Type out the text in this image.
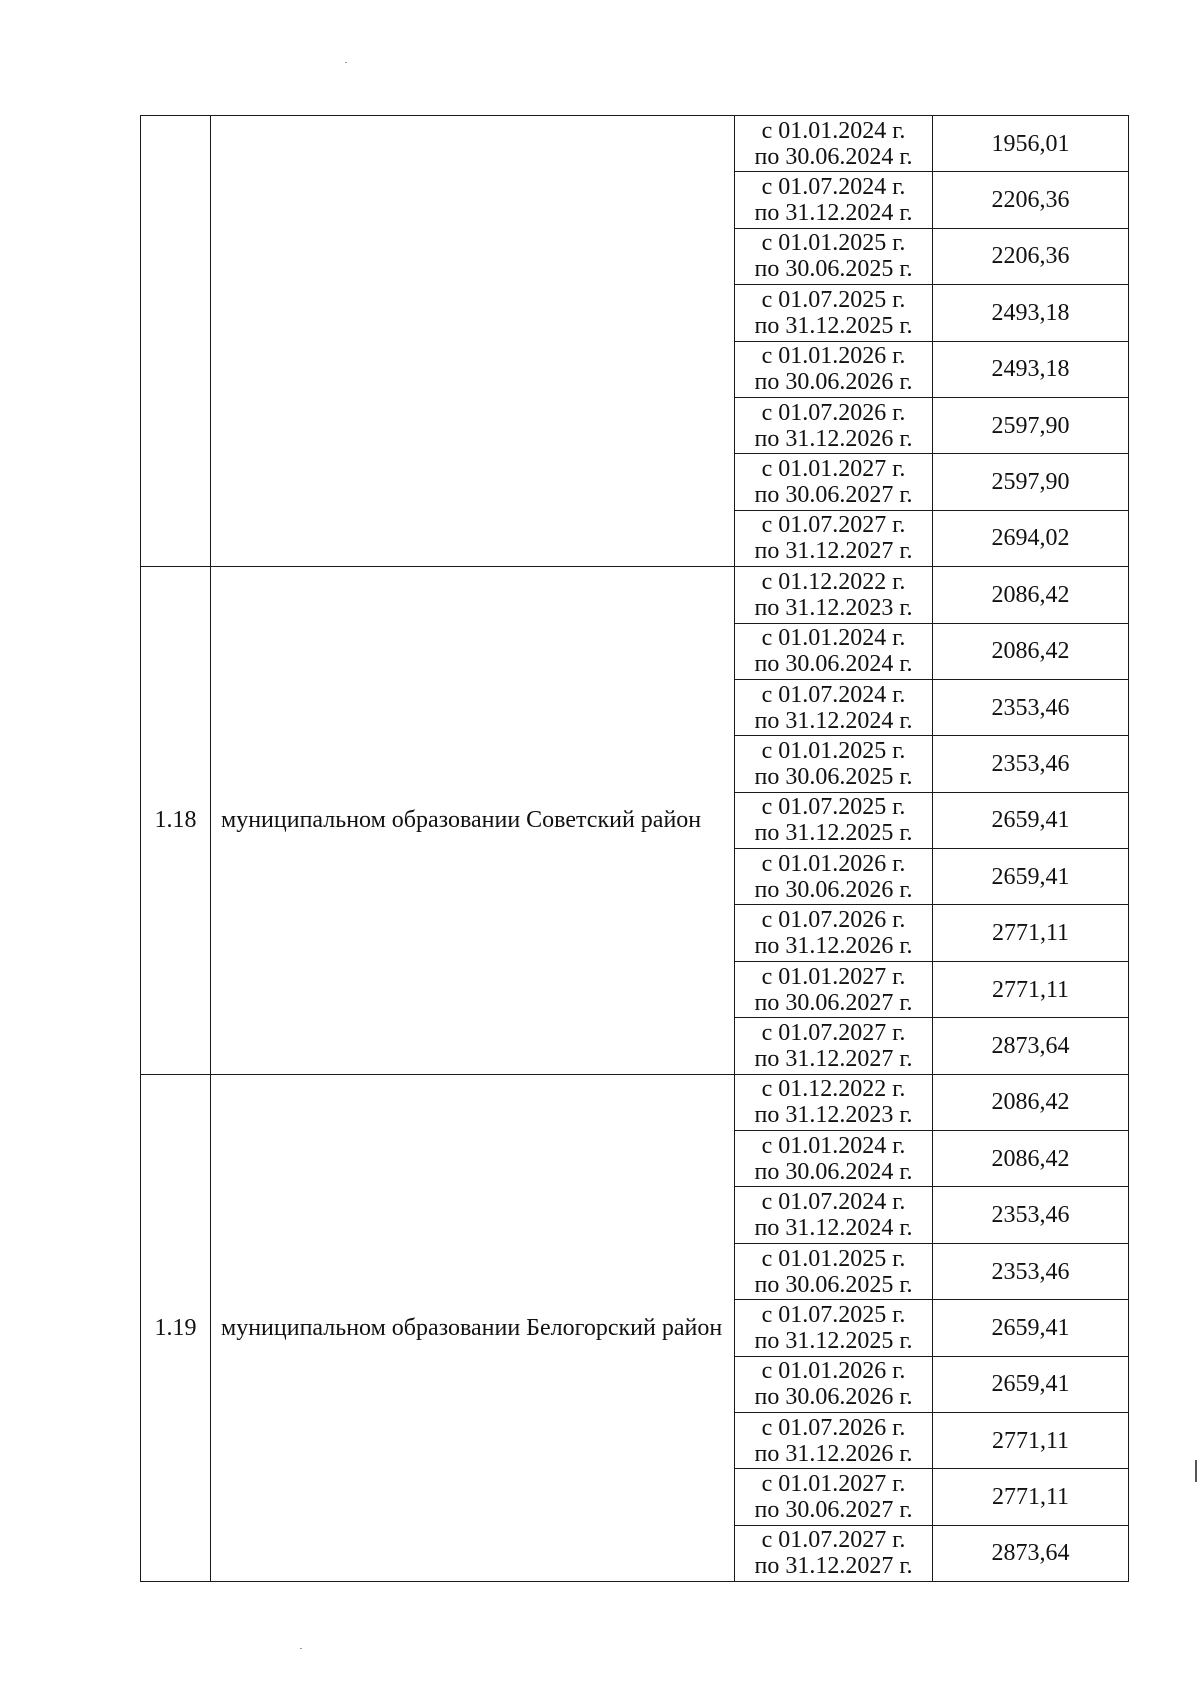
		с 01.01.2024 г.
по 30.06.2024 г.	1956,01

		с 01.07.2024 г.
по 31.12.2024 г.	2206,36

		с 01.01.2025 г.
по 30.06.2025 г.	2206,36

		с 01.07.2025 г.
по 31.12.2025 г.	2493,18

		с 01.01.2026 г.
по 30.06.2026 г.	2493,18

		с 01.07.2026 г.
по 31.12.2026 г.	2597,90

		с 01.01.2027 г.
по 30.06.2027 г.	2597,90

		с 01.07.2027 г.
по 31.12.2027 г.	2694,02
1.18	муниципальном образовании Советский район	с 01.12.2022 г.
по 31.12.2023 г.	2086,42

		с 01.01.2024 г.
по 30.06.2024 г.	2086,42

		с 01.07.2024 г.
по 31.12.2024 г.	2353,46

		с 01.01.2025 г.
по 30.06.2025 г.	2353,46

		с 01.07.2025 г.
по 31.12.2025 г.	2659,41

		с 01.01.2026 г.
по 30.06.2026 г.	2659,41

		с 01.07.2026 г.
по 31.12.2026 г.	2771,11

		с 01.01.2027 г.
по 30.06.2027 г.	2771,11

		с 01.07.2027 г.
по 31.12.2027 г.	2873,64
1.19	муниципальном образовании Белогорский район	с 01.12.2022 г.
по 31.12.2023 г.	2086,42

		с 01.01.2024 г.
по 30.06.2024 г.	2086,42

		с 01.07.2024 г.
по 31.12.2024 г.	2353,46

		с 01.01.2025 г.
по 30.06.2025 г.	2353,46

		с 01.07.2025 г.
по 31.12.2025 г.	2659,41

		с 01.01.2026 г.
по 30.06.2026 г.	2659,41

		с 01.07.2026 г.
по 31.12.2026 г.	2771,11

		с 01.01.2027 г.
по 30.06.2027 г.	2771,11

		с 01.07.2027 г.
по 31.12.2027 г.	2873,64
